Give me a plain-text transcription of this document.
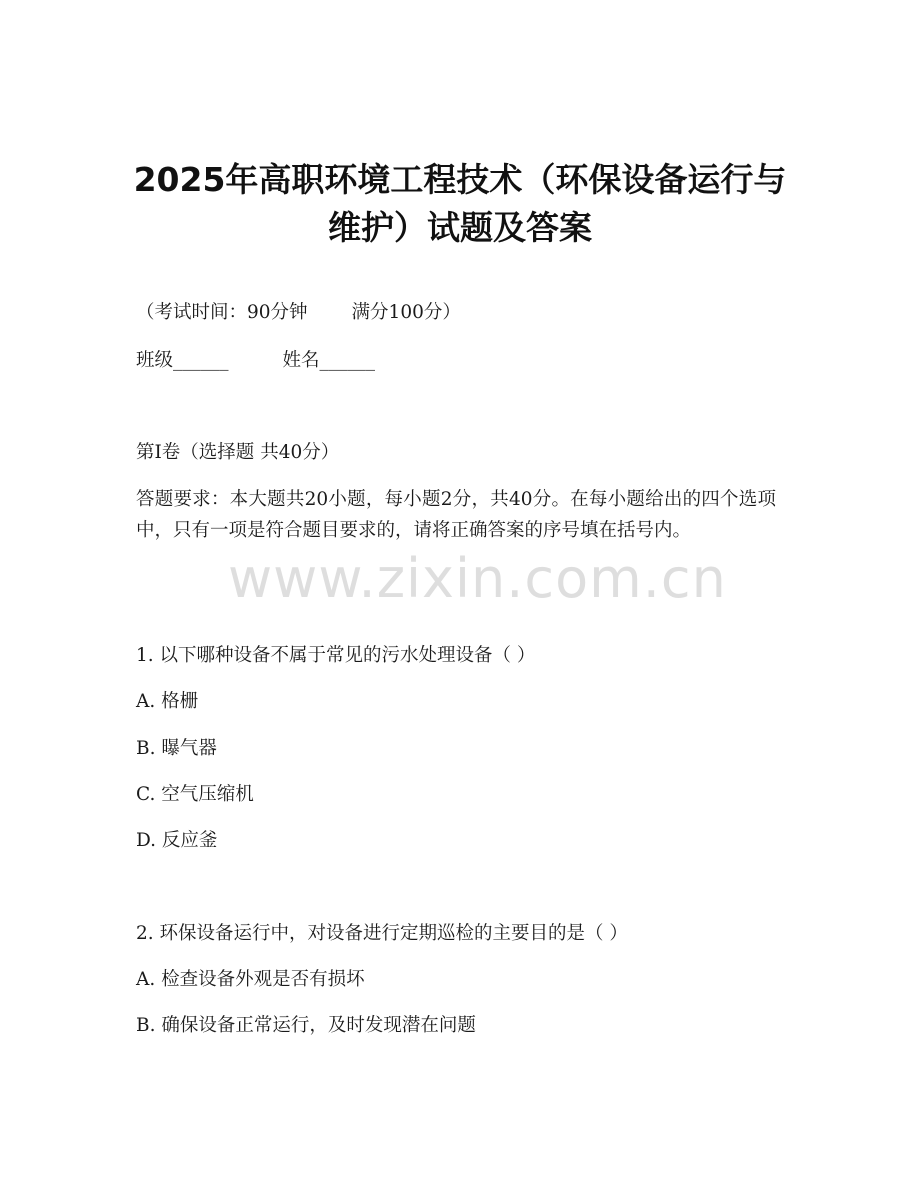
2025年高职环境工程技术（环保设备运行与
维护）试题及答案
（考试时间：90分钟 满分100分）
班级______	姓名______
第I卷（选择题 共40分）
答题要求：本大题共20小题，每小题2分，共40分。在每小题给出的四个选项中，只有一项是符合题目要求的，请将正确答案的序号填在括号内。
www.zixin.com.cn
1. 以下哪种设备不属于常见的污水处理设备（ ）
A. 格栅
B. 曝气器
C. 空气压缩机
D. 反应釜
2. 环保设备运行中，对设备进行定期巡检的主要目的是（ ）
A. 检查设备外观是否有损坏
B. 确保设备正常运行，及时发现潜在问题
